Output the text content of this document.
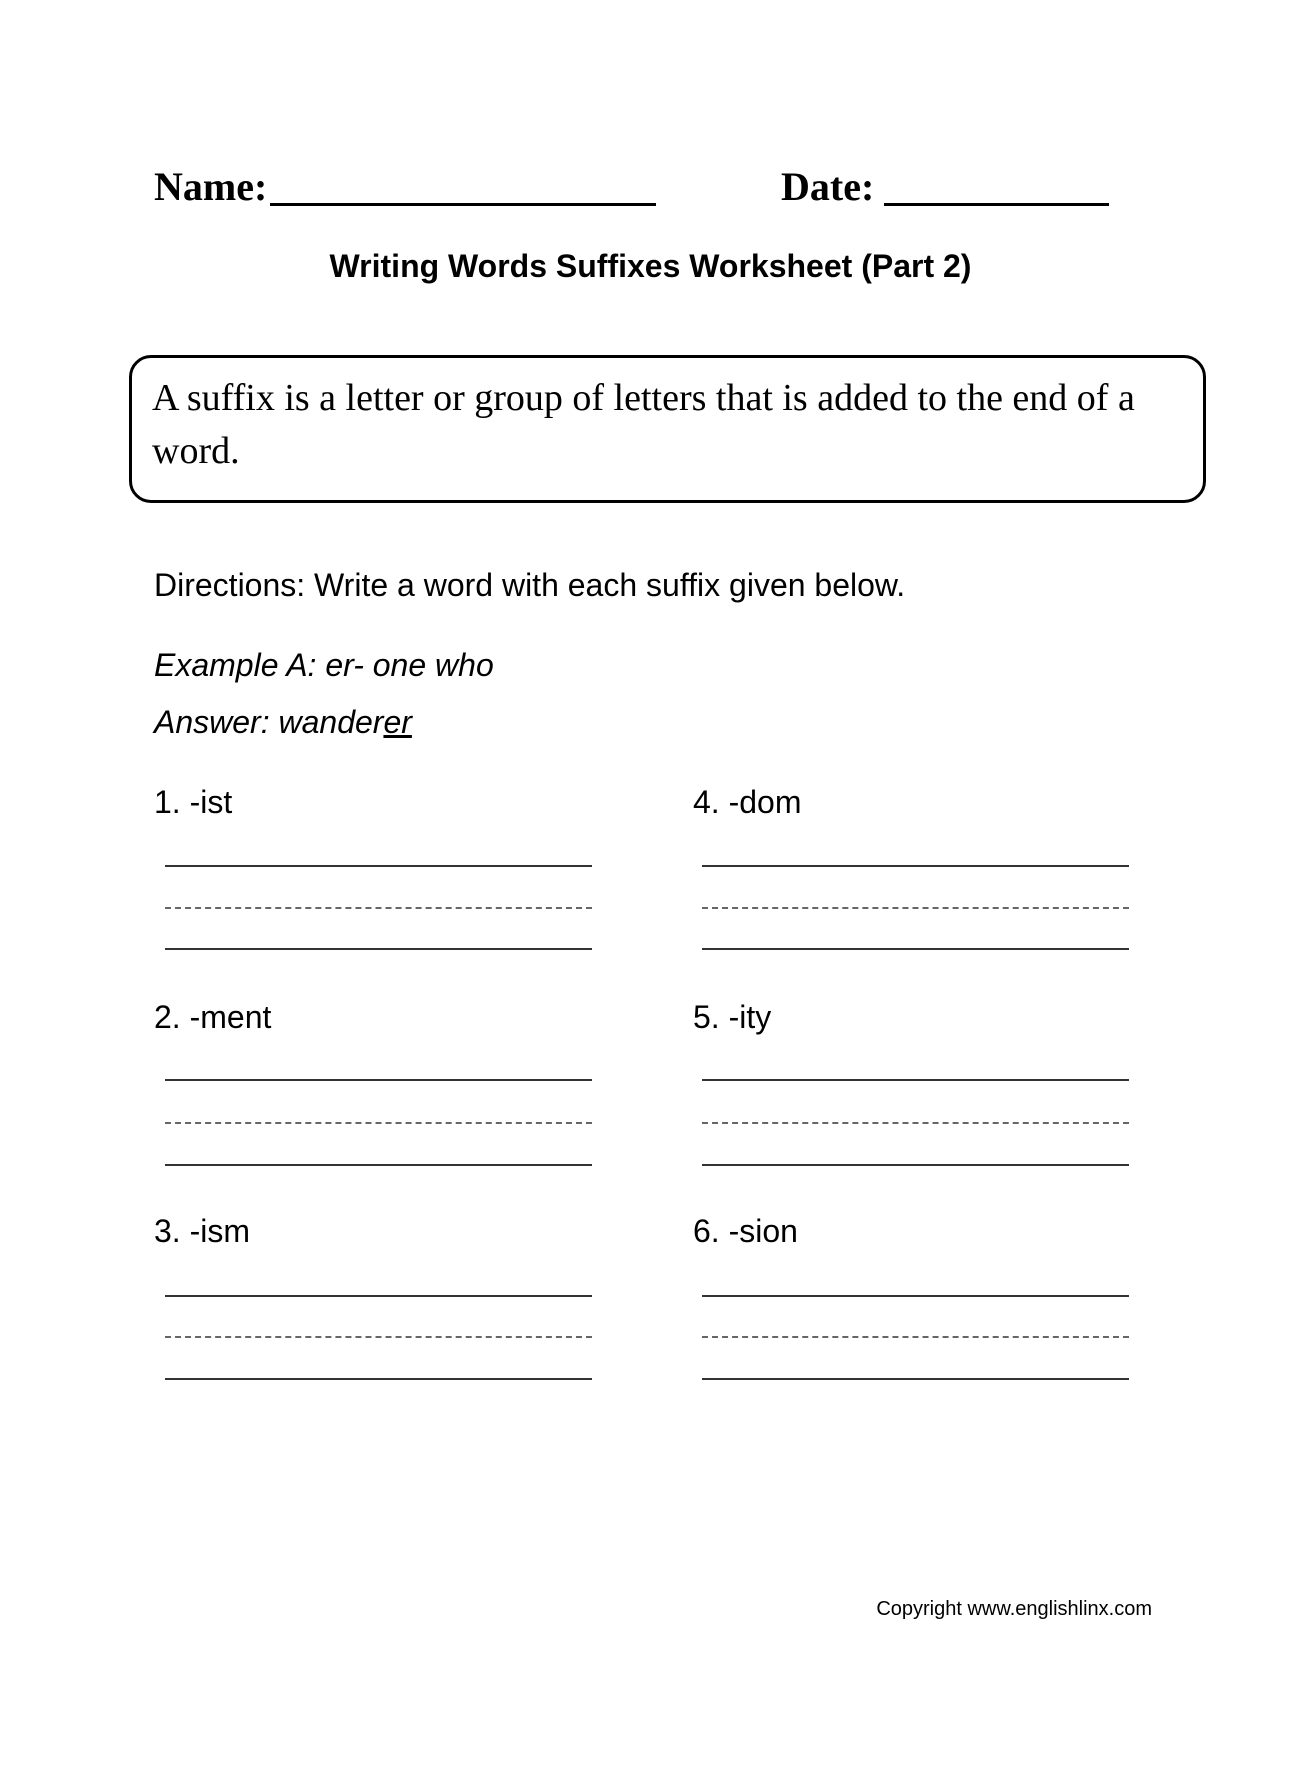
Name:	Date:
Writing Words Suffixes Worksheet (Part 2)
A suffix is a letter or group of letters that is added to the end of a word.
Directions: Write a word with each suffix given below.
Example A: er- one who
Answer: wanderer
1. -ist
2. -ment
3. -ism
4. -dom
5. -ity
6. -sion
Copyright www.englishlinx.com
